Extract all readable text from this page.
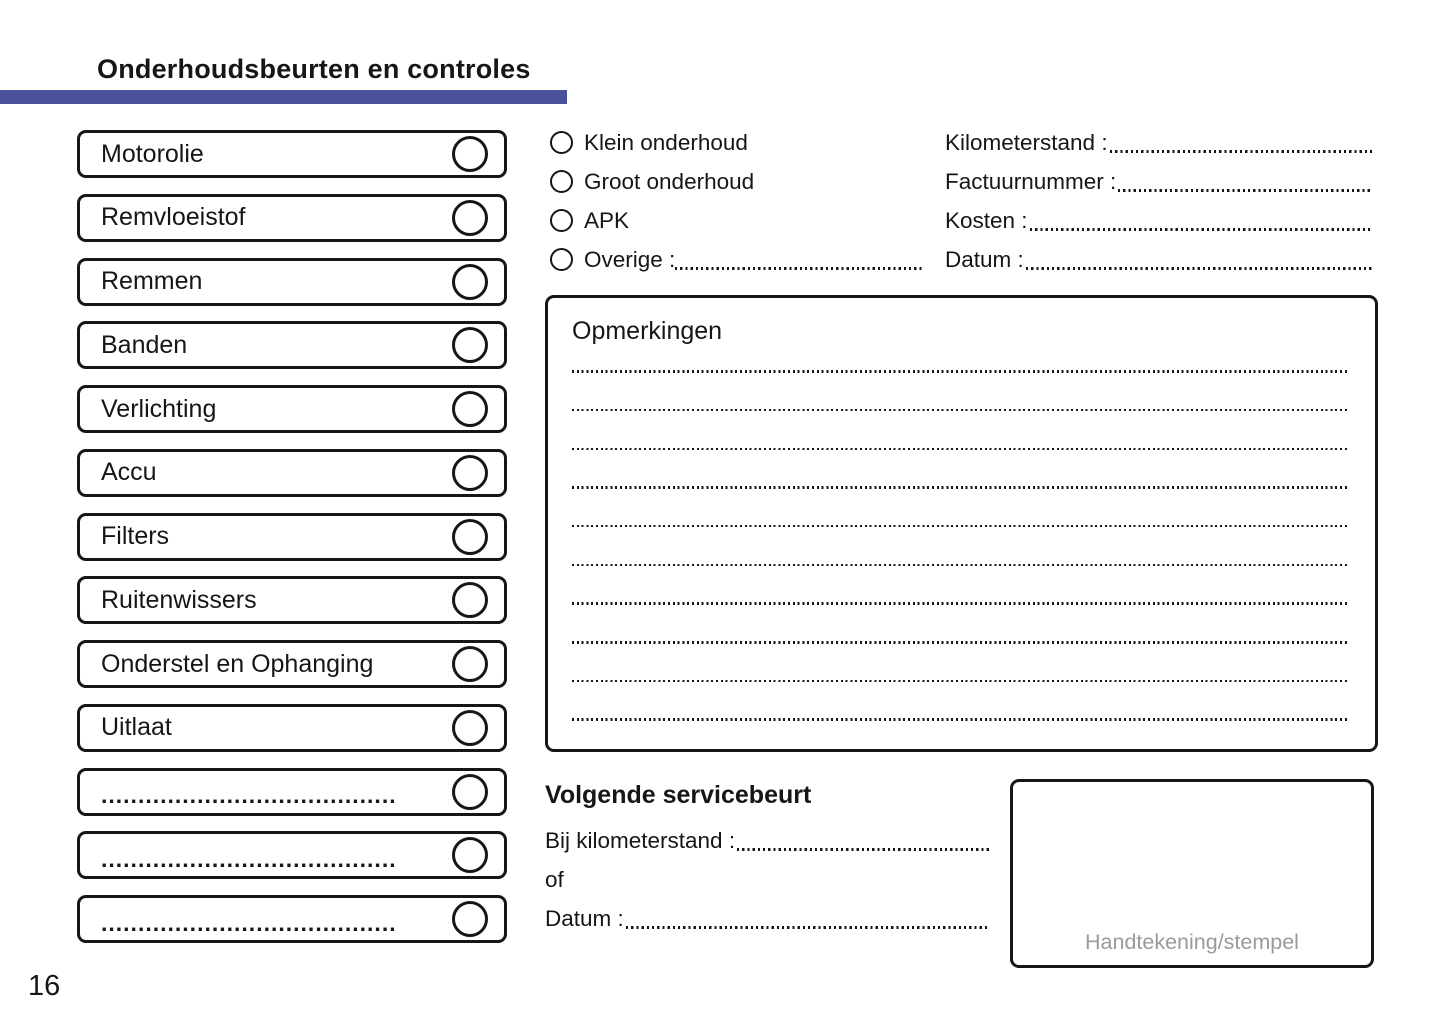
Onderhoudsbeurten en controles
Motorolie
Remvloeistof
Remmen
Banden
Verlichting
Accu
Filters
Ruitenwissers
Onderstel en Ophanging
Uitlaat
........................................
........................................
........................................
Klein onderhoud
Groot onderhoud
APK
Overige :
Kilometerstand :
Factuurnummer :
Kosten :
Datum :
Opmerkingen
Volgende servicebeurt
Bij kilometerstand :
of
Datum :
Handtekening/stempel
16
